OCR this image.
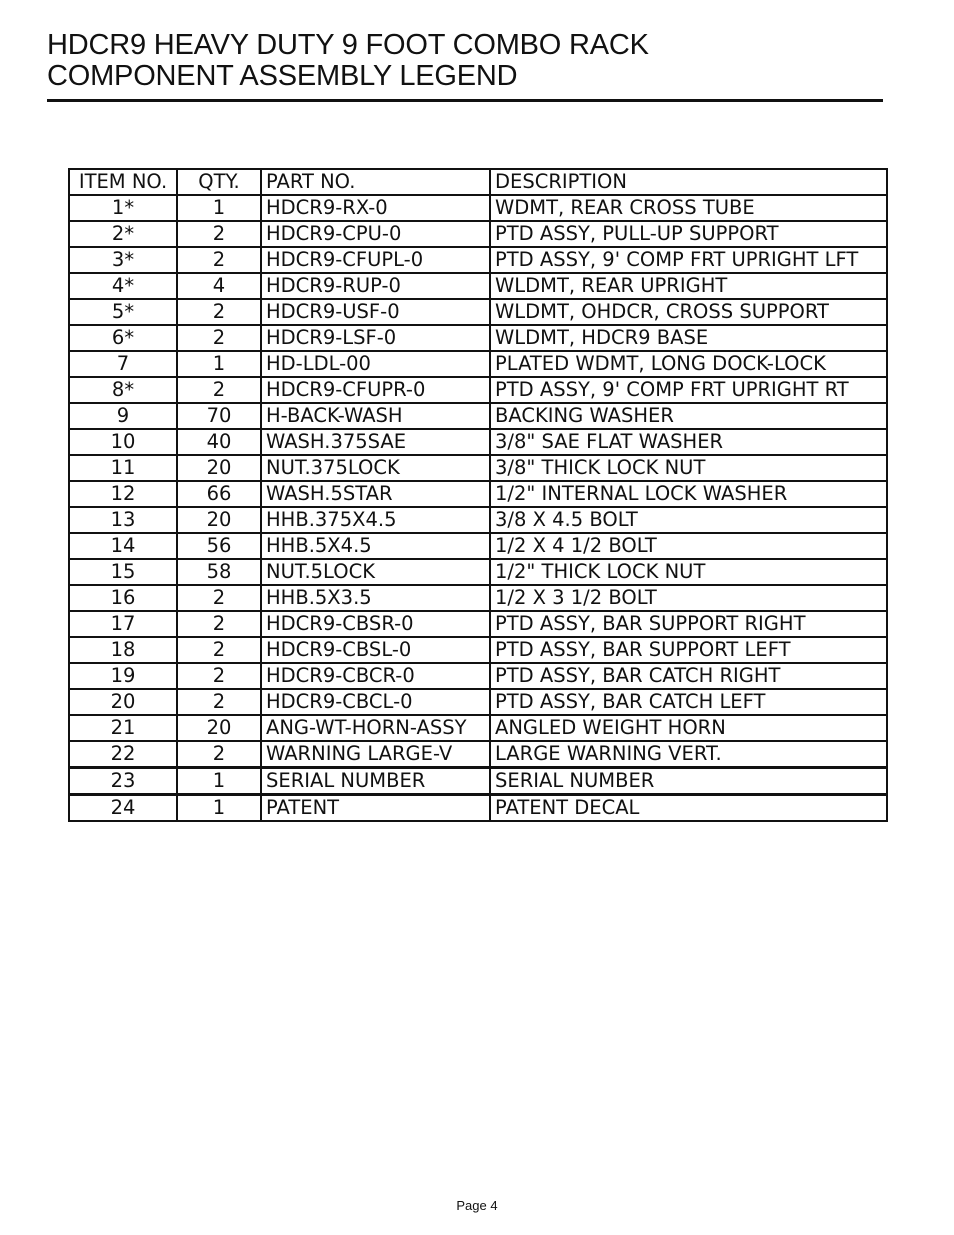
HDCR9 HEAVY DUTY 9 FOOT COMBO RACK
COMPONENT ASSEMBLY LEGEND
ITEM NO.	QTY.	PART NO.	DESCRIPTION
1*	1	HDCR9-RX-0	WDMT, REAR CROSS TUBE
2*	2	HDCR9-CPU-0	PTD ASSY, PULL-UP SUPPORT
3*	2	HDCR9-CFUPL-0	PTD ASSY, 9' COMP FRT UPRIGHT LFT
4*	4	HDCR9-RUP-0	WLDMT, REAR UPRIGHT
5*	2	HDCR9-USF-0	WLDMT, OHDCR, CROSS SUPPORT
6*	2	HDCR9-LSF-0	WLDMT, HDCR9 BASE
7	1	HD-LDL-00	PLATED WDMT, LONG DOCK-LOCK
8*	2	HDCR9-CFUPR-0	PTD ASSY, 9' COMP FRT UPRIGHT RT
9	70	H-BACK-WASH	BACKING WASHER
10	40	WASH.375SAE	3/8" SAE FLAT WASHER
11	20	NUT.375LOCK	3/8" THICK LOCK NUT
12	66	WASH.5STAR	1/2" INTERNAL LOCK WASHER
13	20	HHB.375X4.5	3/8 X 4.5 BOLT
14	56	HHB.5X4.5	1/2 X 4 1/2 BOLT
15	58	NUT.5LOCK	1/2" THICK LOCK NUT
16	2	HHB.5X3.5	1/2 X 3 1/2 BOLT
17	2	HDCR9-CBSR-0	PTD ASSY, BAR SUPPORT RIGHT
18	2	HDCR9-CBSL-0	PTD ASSY, BAR SUPPORT LEFT
19	2	HDCR9-CBCR-0	PTD ASSY, BAR CATCH RIGHT
20	2	HDCR9-CBCL-0	PTD ASSY, BAR CATCH LEFT
21	20	ANG-WT-HORN-ASSY	ANGLED WEIGHT HORN
22	2	WARNING LARGE-V	LARGE WARNING VERT.
23	1	SERIAL NUMBER	SERIAL NUMBER
24	1	PATENT	PATENT DECAL
Page 4
